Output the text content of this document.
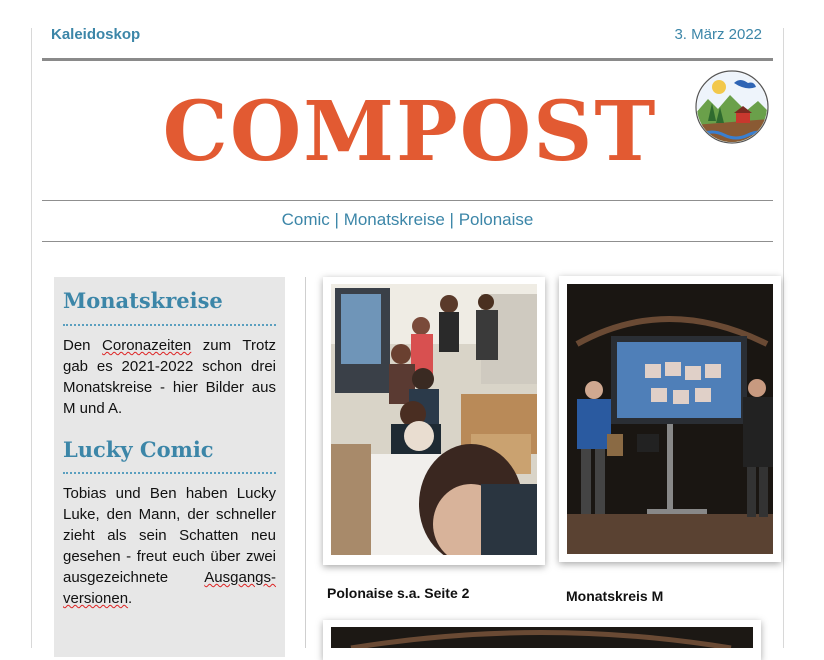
Kaleidoskop	3. März 2022
COMPOST
Comic | Monatskreise | Polonaise
Monatskreise
Den Coronazeiten zum Trotz gab es 2021-2022 schon drei Monatskreise - hier Bilder aus M und A.
Lucky Comic
Tobias und Ben haben Lucky Luke, den Mann, der schneller zieht als sein Schatten neu gesehen - freut euch über zwei ausgezeichnete Ausgangs-versionen.	Polonaise s.a. Seite 2	Monatskreis M
